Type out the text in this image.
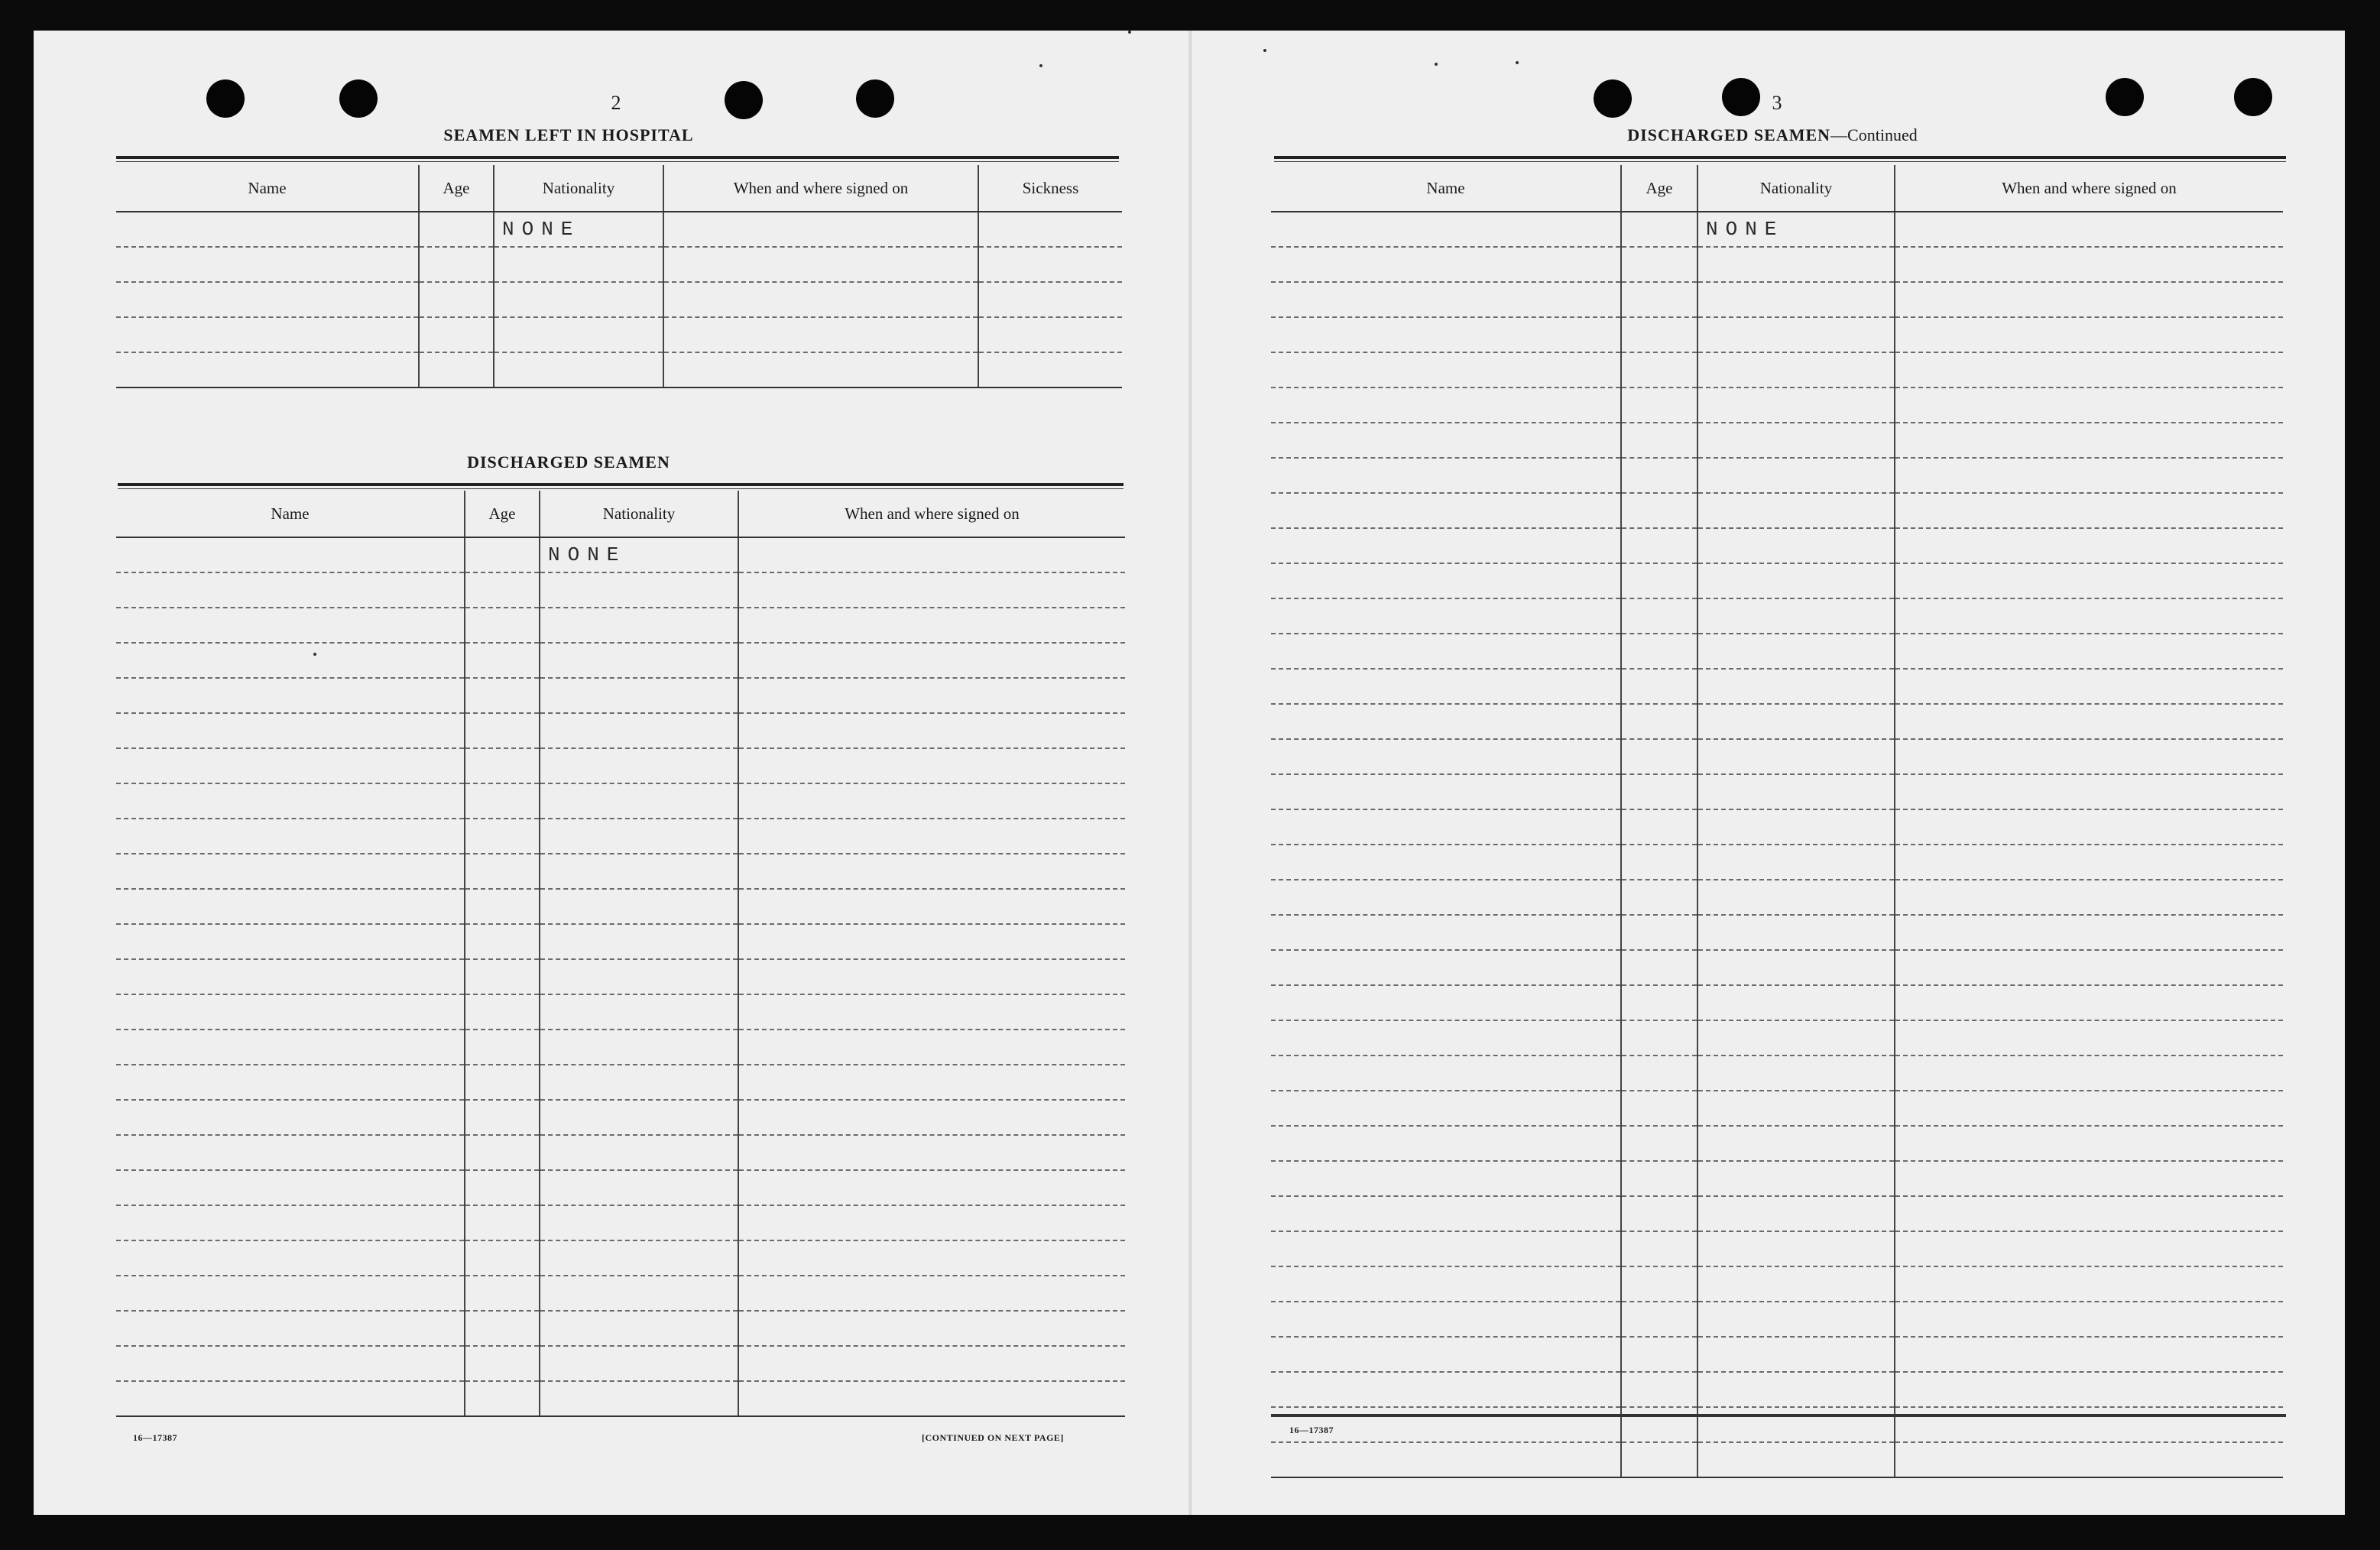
2
SEAMEN LEFT IN HOSPITAL
Name	Age	Nationality	When and where signed on	Sickness
		NONE		

DISCHARGED SEAMEN
Name	Age	Nationality	When and where signed on
		NONE	

16—17387	[CONTINUED ON NEXT PAGE]
3
DISCHARGED SEAMEN—Continued
Name	Age	Nationality	When and where signed on
		NONE	

16—17387
